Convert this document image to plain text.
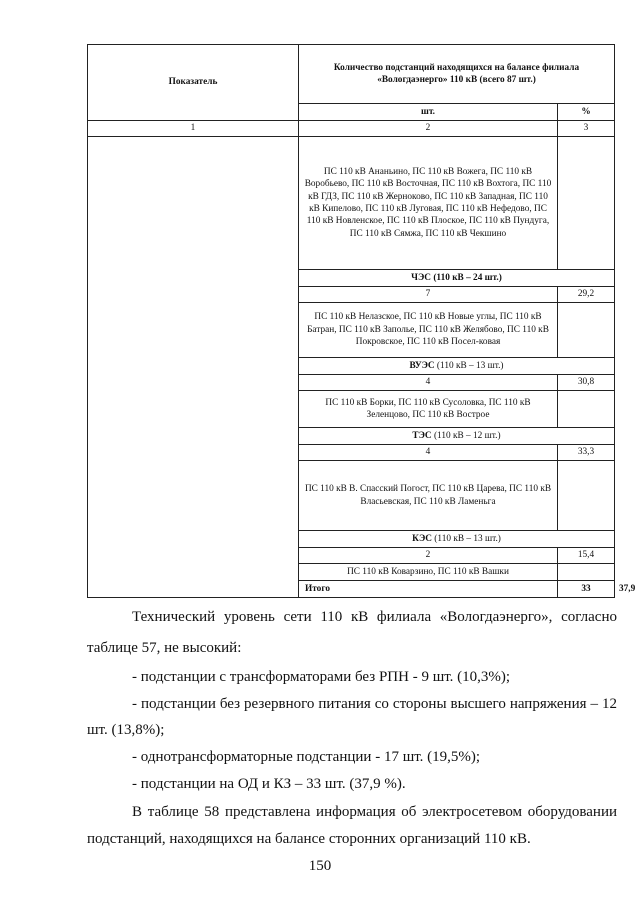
Показатель	Количество подстанций находящихся на балансе филиала «Вологдаэнерго» 110 кВ (всего 87 шт.)		
	шт.	%	
1	2	3	
	ПС 110 кВ Ананьино, ПС 110 кВ Вожега, ПС 110 кВ Воробьево, ПС 110 кВ Восточная, ПС 110 кВ Вохтога, ПС 110 кВ ГДЗ, ПС 110 кВ Жерноково, ПС 110 кВ Западная, ПС 110 кВ Кипелово, ПС 110 кВ Луговая, ПС 110 кВ Нефедово, ПС 110 кВ Новленское, ПС 110 кВ Плоское, ПС 110 кВ Пундуга, ПС 110 кВ Сямжа, ПС 110 кВ Чекшино		
	ЧЭС (110 кВ – 24 шт.)		
	7	29,2	
	ПС 110 кВ Нелазское, ПС 110 кВ Новые углы, ПС 110 кВ Батран, ПС 110 кВ Заполье, ПС 110 кВ Желябово, ПС 110 кВ Покровское, ПС 110 кВ Посел-ковая		
	ВУЭС (110 кВ – 13 шт.)		
	4	30,8	
	ПС 110 кВ Борки, ПС 110 кВ Сусоловка, ПС 110 кВ Зеленцово, ПС 110 кВ Вострое		
	ТЭС (110 кВ – 12 шт.)		
	4	33,3	
	ПС 110 кВ В. Спасский Погост, ПС 110 кВ Царева, ПС 110 кВ Власьевская, ПС 110 кВ Ламеньга		
	КЭС (110 кВ – 13 шт.)		
	2	15,4	
	ПС 110 кВ Коварзино, ПС 110 кВ Вашки		
	Итого	33	37,9

Технический уровень сети 110 кВ филиала «Вологдаэнерго», согласно

таблице 57, не высокий:

- подстанции с трансформаторами без РПН - 9 шт. (10,3%);

- подстанции без резервного питания со стороны высшего напряжения – 12

шт. (13,8%);

- однотрансформаторные подстанции - 17 шт. (19,5%);

- подстанции на ОД и КЗ – 33 шт. (37,9 %).

В таблице 58 представлена информация об электросетевом оборудовании

подстанций, находящихся на балансе сторонних организаций 110 кВ.

150
